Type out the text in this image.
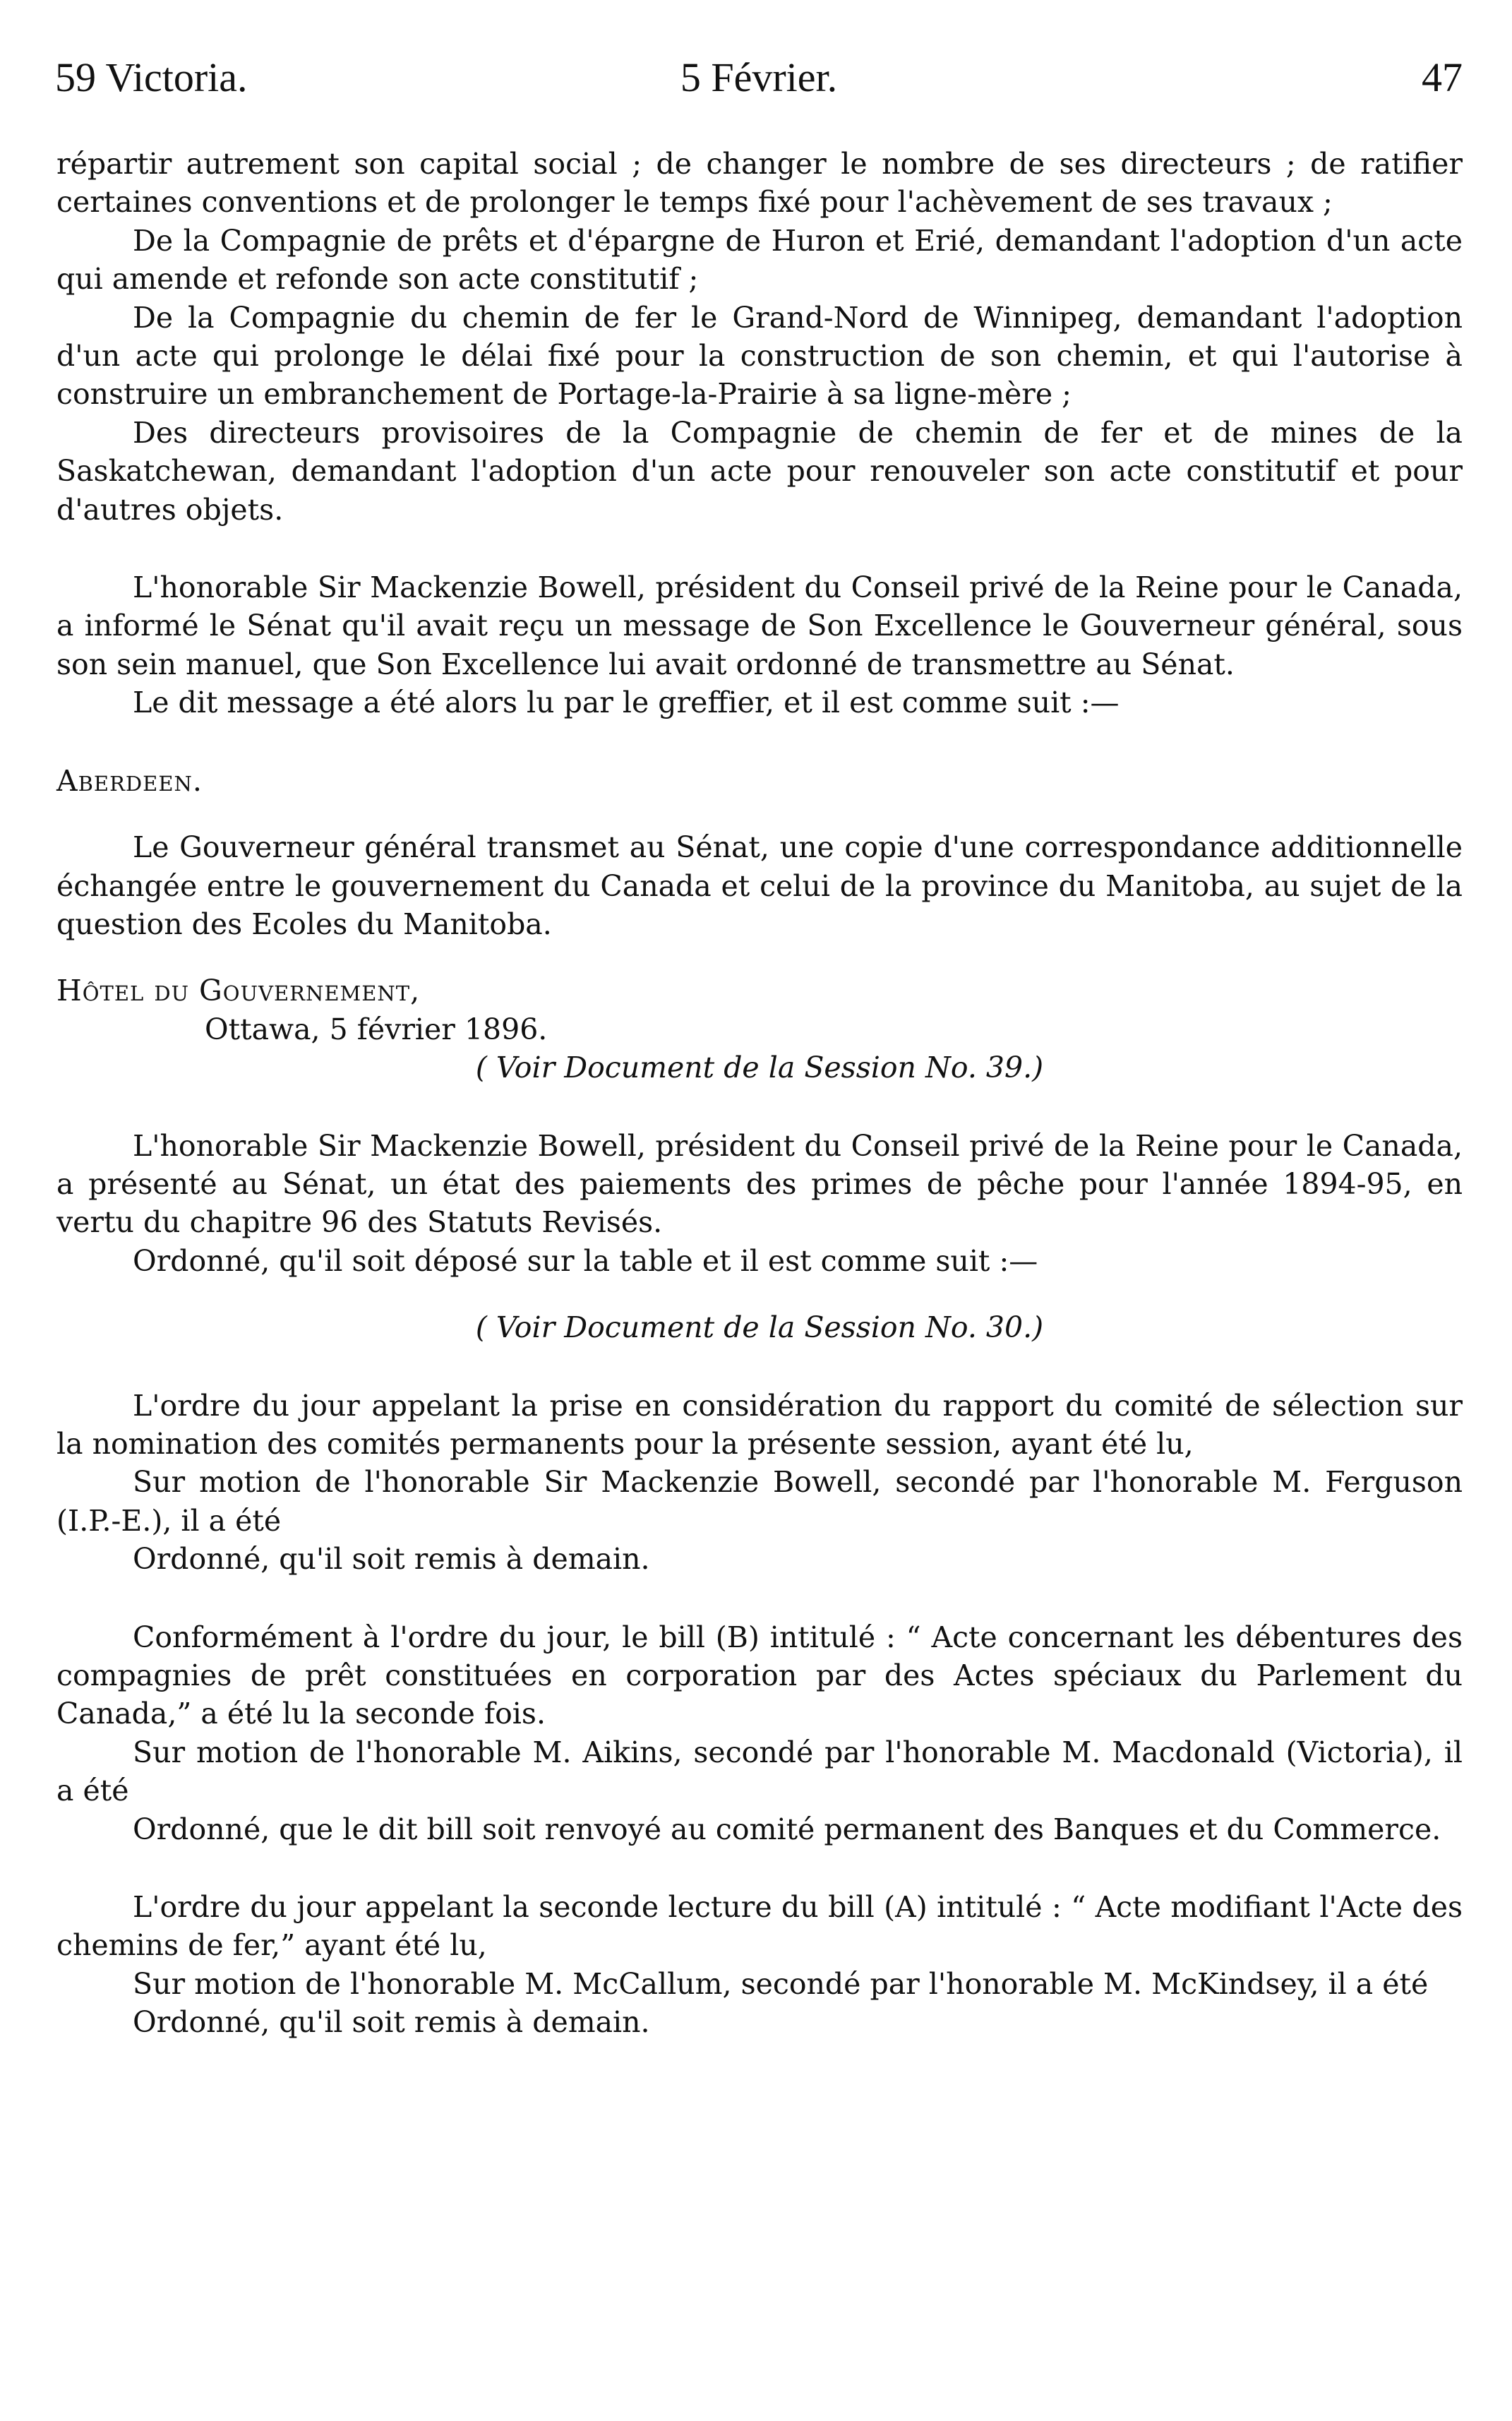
59 Victoria.	5 Février.	47

répartir autrement son capital social ; de changer le nombre de ses directeurs ; de ratifier certaines conventions et de prolonger le temps fixé pour l'achèvement de ses travaux ;

De la Compagnie de prêts et d'épargne de Huron et Erié, demandant l'adoption d'un acte qui amende et refonde son acte constitutif ;

De la Compagnie du chemin de fer le Grand-Nord de Winnipeg, demandant l'adoption d'un acte qui prolonge le délai fixé pour la construction de son chemin, et qui l'autorise à construire un embranchement de Portage-la-Prairie à sa ligne-mère ;

Des directeurs provisoires de la Compagnie de chemin de fer et de mines de la Saskatchewan, demandant l'adoption d'un acte pour renouveler son acte constitutif et pour d'autres objets.

L'honorable Sir Mackenzie Bowell, président du Conseil privé de la Reine pour le Canada, a informé le Sénat qu'il avait reçu un message de Son Excellence le Gouverneur général, sous son sein manuel, que Son Excellence lui avait ordonné de transmettre au Sénat.

Le dit message a été alors lu par le greffier, et il est comme suit :—

Aberdeen.

Le Gouverneur général transmet au Sénat, une copie d'une correspondance additionnelle échangée entre le gouvernement du Canada et celui de la province du Manitoba, au sujet de la question des Ecoles du Manitoba.

Hôtel du Gouvernement,

Ottawa, 5 février 1896.

( Voir Document de la Session No. 39.)

L'honorable Sir Mackenzie Bowell, président du Conseil privé de la Reine pour le Canada, a présenté au Sénat, un état des paiements des primes de pêche pour l'année 1894-95, en vertu du chapitre 96 des Statuts Revisés.

Ordonné, qu'il soit déposé sur la table et il est comme suit :—

( Voir Document de la Session No. 30.)

L'ordre du jour appelant la prise en considération du rapport du comité de sélection sur la nomination des comités permanents pour la présente session, ayant été lu,

Sur motion de l'honorable Sir Mackenzie Bowell, secondé par l'honorable M. Ferguson (I.P.-E.), il a été

Ordonné, qu'il soit remis à demain.

Conformément à l'ordre du jour, le bill (B) intitulé : “ Acte concernant les débentures des compagnies de prêt constituées en corporation par des Actes spéciaux du Parlement du Canada,” a été lu la seconde fois.

Sur motion de l'honorable M. Aikins, secondé par l'honorable M. Macdonald (Victoria), il a été

Ordonné, que le dit bill soit renvoyé au comité permanent des Banques et du Commerce.

L'ordre du jour appelant la seconde lecture du bill (A) intitulé : “ Acte modifiant l'Acte des chemins de fer,” ayant été lu,

Sur motion de l'honorable M. McCallum, secondé par l'honorable M. McKindsey, il a été

Ordonné, qu'il soit remis à demain.
